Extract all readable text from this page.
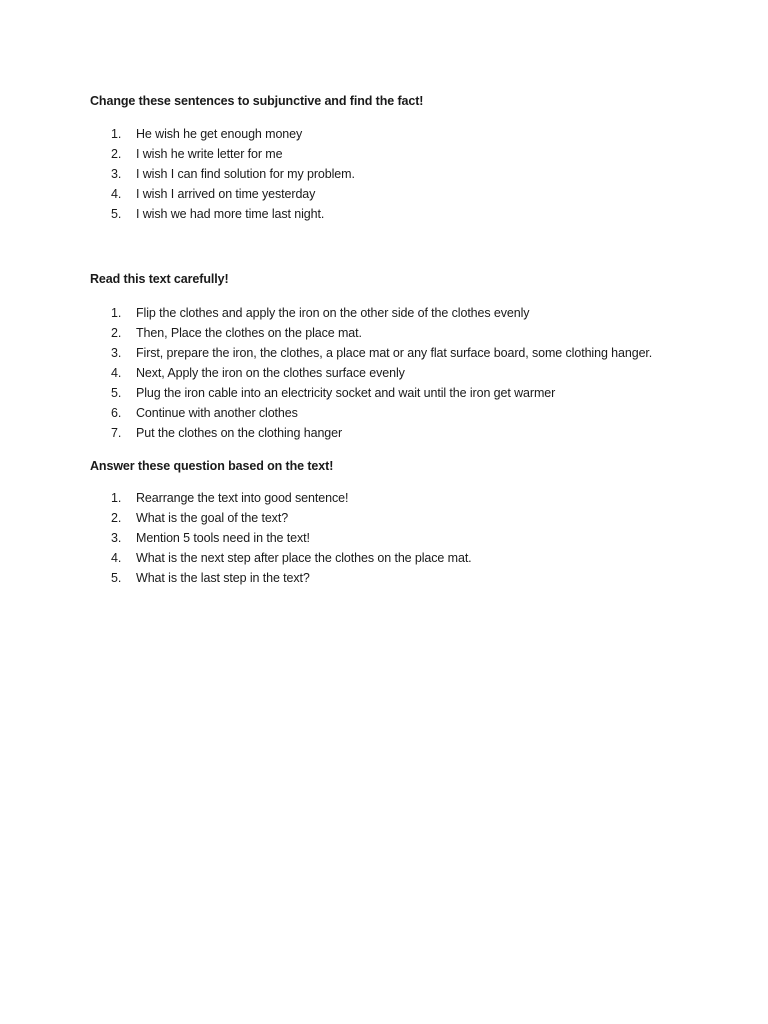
Change these sentences to subjunctive and find the fact!

1.	He wish he get enough money
2.	I wish he write letter for me
3.	I wish I can find solution for my problem.
4.	I wish I arrived on time yesterday
5.	I wish we had more time last night.

Read this text carefully!

1.	Flip the clothes and apply the iron on the other side of the clothes evenly
2.	Then, Place the clothes on the place mat.
3.	First, prepare the iron, the clothes, a place mat or any flat surface board, some clothing hanger.
4.	Next, Apply the iron on the clothes surface evenly
5.	Plug the iron cable into an electricity socket and wait until the iron get warmer
6.	Continue with another clothes
7.	Put the clothes on the clothing hanger

Answer these question based on the text!

1.	Rearrange the text into good sentence!
2.	What is the goal of the text?
3.	Mention 5 tools need in the text!
4.	What is the next step after place the clothes on the place mat.
5.	What is the last step in the text?
